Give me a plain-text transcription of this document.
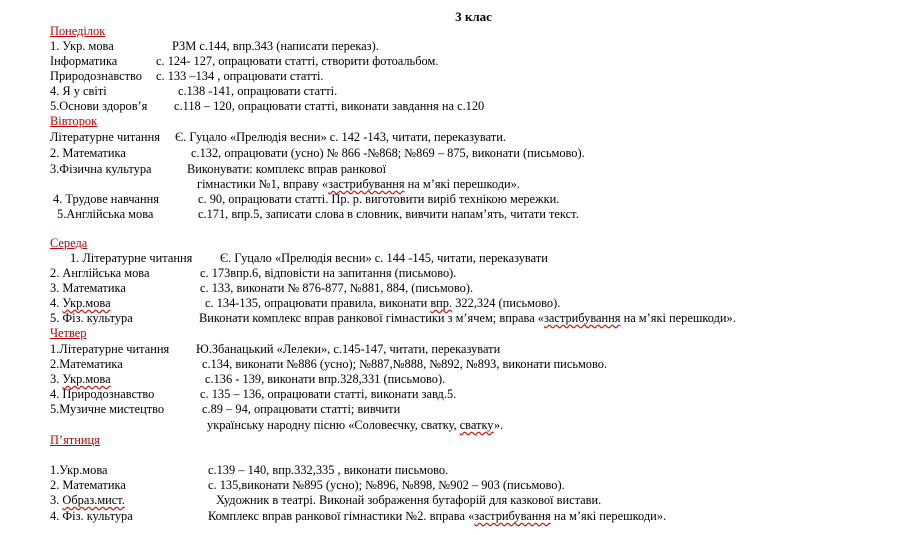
3 клас
Понеділок
1. Укр. мова	РЗМ с.144, впр.343 (написати переказ).
Інформатика	с. 124- 127, опрацювати статті, створити фотоальбом.
Природознавство с. 133 –134 , опрацювати статті.
4. Я у світі	с.138 -141, опрацювати статті.
5.Основи здоров’я с.118 – 120, опрацювати статті, виконати завдання на с.120
Вівторок
Літературне читання Є. Гуцало «Прелюдія весни» с. 142 -143, читати, переказувати.
2. Математика	с.132, опрацювати (усно) № 866 -№868; №869 – 875, виконати (письмово).
3.Фізична культура	Виконувати: комплекс вправ ранкової
гімнастики №1, вправу «застрибування на м’які перешкоди».
4. Трудове навчання	с. 90, опрацювати статті. Пр. р. виготовити виріб технікою мережки.
5.Англійська мова	с.171, впр.5, записати слова в словник, вивчити напам’ять, читати текст.
Середа
1. Літературне читання Є. Гуцало «Прелюдія весни» с. 144 -145, читати, переказувати
2. Англійська мова	с. 173впр.6, відповісти на запитання (письмово).
3. Математика	с. 133, виконати № 876-877, №881, 884, (письмово).
4. Укр.мова	с. 134-135, опрацювати правила, виконати впр. 322,324 (письмово).
5. Фіз. культура	Виконати комплекс вправ ранкової гімнастики з м’ячем; вправа «застрибування на м’які перешкоди».
Четвер
1.Літературне читання Ю.Збанацький «Лелеки», с.145-147, читати, переказувати
2.Математика	с.134, виконати №886 (усно); №887,№888, №892, №893, виконати письмово.
3. Укр.мова	с.136 - 139, виконати впр.328,331 (письмово).
4. Природознавство	с. 135 – 136, опрацювати статті, виконати завд.5.
5.Музичне мистецтво	с.89 – 94, опрацювати статті; вивчити
українську народну пісню «Соловеєчку, сватку, сватку».
П’ятниця
1.Укр.мова	с.139 – 140, впр.332,335 , виконати письмово.
2. Математика	с. 135,виконати №895 (усно); №896, №898, №902 – 903 (письмово).
3. Образ.мист.	Художник в театрі. Виконай зображення бутафорій для казкової вистави.
4. Фіз. культура	Комплекс вправ ранкової гімнастики №2. вправа «застрибування на м’які перешкоди».
